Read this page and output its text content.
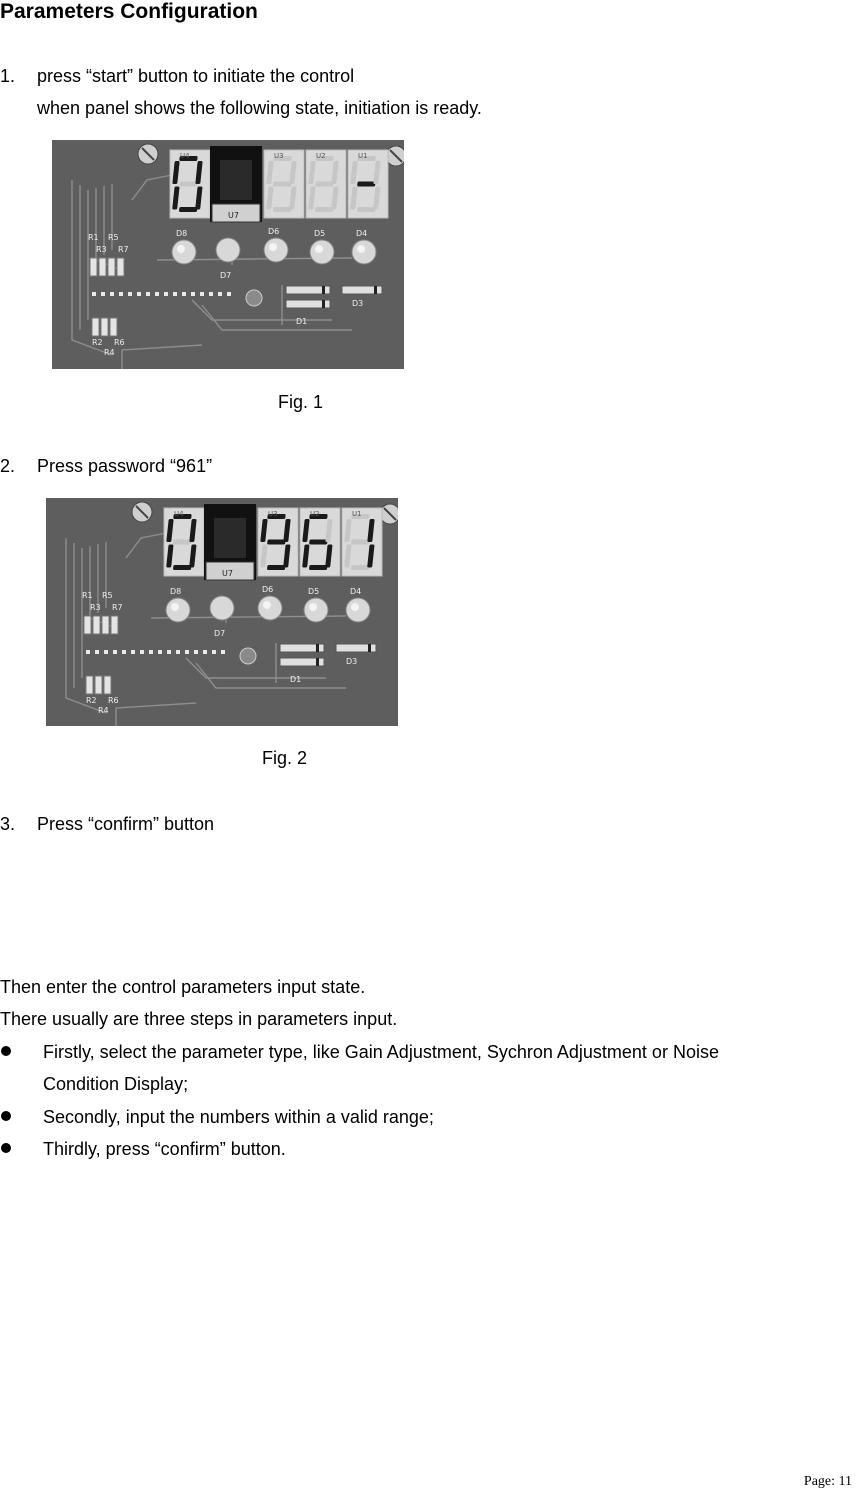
Parameters Configuration
1. press “start” button to initiate the control
when panel shows the following state, initiation is ready.
U4	U3	U2	U1
U7
D8	D6	D5	D4
D7
R1 R5
R3 R7
R2 R6
R4
D3
D1
Fig. 1
2. Press password “961”
U4	U3	U2	U1
U7
D8	D6	D5	D4
D7
R1 R5
R3 R7
R2 R6
R4
D3
D1
Fig. 2
3. Press “confirm” button
Then enter the control parameters input state.
There usually are three steps in parameters input.
Firstly, select the parameter type, like Gain Adjustment, Sychron Adjustment or Noise
Condition Display;
Secondly, input the numbers within a valid range;
Thirdly, press “confirm” button.
Page: 11
